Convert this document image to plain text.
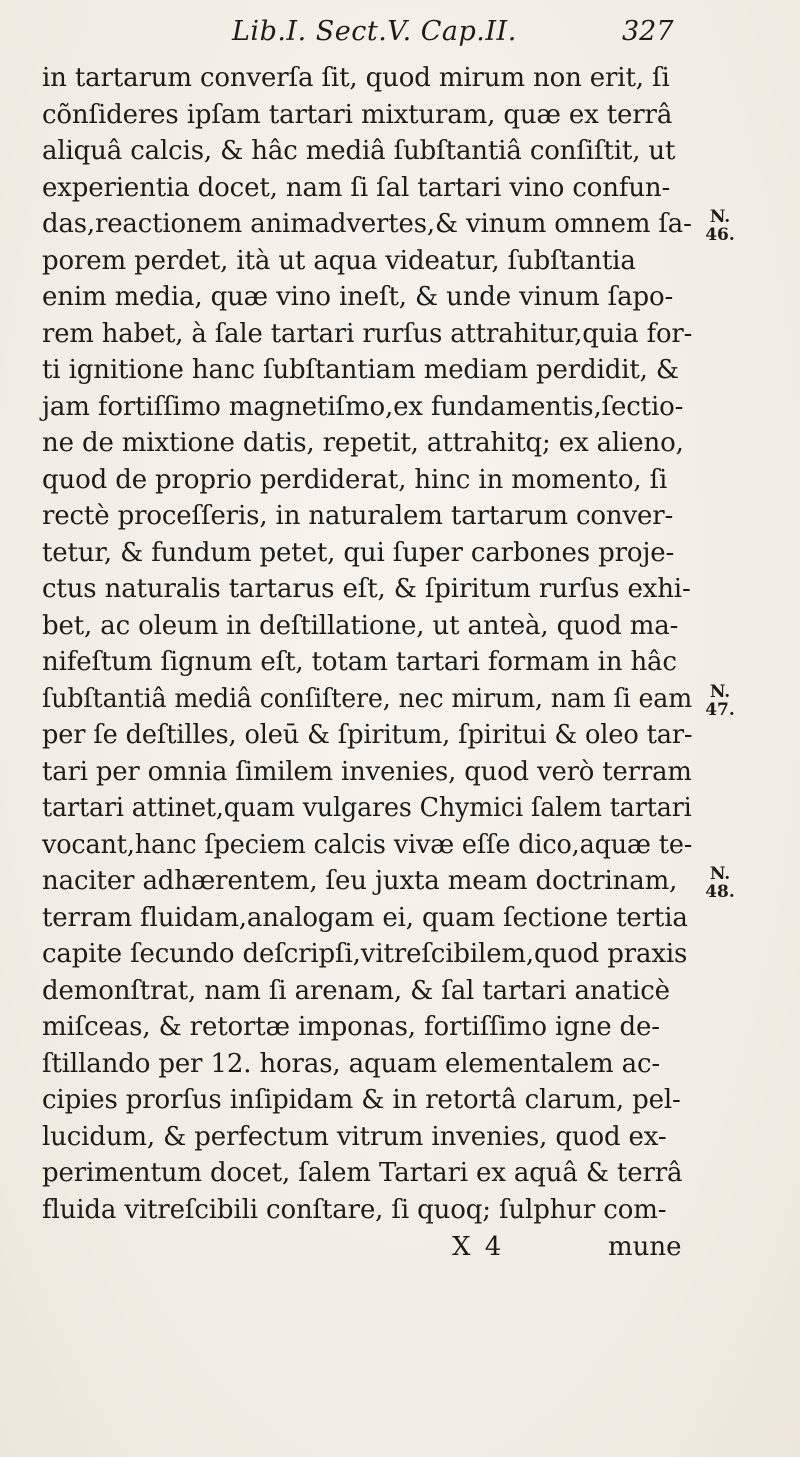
Lib.I. Sect.V. Cap.II.	327
in tartarum converſa ſit, quod mirum non erit, ſi
cõnſideres ipſam tartari mixturam, quæ ex terrâ
aliquâ calcis, & hâc mediâ ſubſtantiâ conſiſtit, ut
experientia docet, nam ſi ſal tartari vino confun-
das,reactionem animadvertes,& vinum omnem ſa-
porem perdet, ità ut aqua videatur, ſubſtantia
enim media, quæ vino ineſt, & unde vinum ſapo-
rem habet, à ſale tartari rurſus attrahitur,quia for-
ti ignitione hanc ſubſtantiam mediam perdidit, &
jam fortiſſimo magnetiſmo,ex fundamentis,ſectio-
ne de mixtione datis, repetit, attrahitq; ex alieno,
quod de proprio perdiderat, hinc in momento, ſi
rectè proceſſeris, in naturalem tartarum conver-
tetur, & fundum petet, qui ſuper carbones proje-
ctus naturalis tartarus eſt, & ſpiritum rurſus exhi-
bet, ac oleum in deſtillatione, ut anteà, quod ma-
nifeſtum ſignum eſt, totam tartari formam in hâc
ſubſtantiâ mediâ conſiſtere, nec mirum, nam ſi eam
per ſe deſtilles, oleū & ſpiritum, ſpiritui & oleo tar-
tari per omnia ſimilem invenies, quod verò terram
tartari attinet,quam vulgares Chymici ſalem tartari
vocant,hanc ſpeciem calcis vivæ eſſe dico,aquæ te-
naciter adhærentem, ſeu juxta meam doctrinam,
terram fluidam,analogam ei, quam ſectione tertia
capite ſecundo deſcripſi,vitreſcibilem,quod praxis
demonſtrat, nam ſi arenam, & ſal tartari anaticè
miſceas, & retortæ imponas, fortiſſimo igne de-
ſtillando per 12. horas, aquam elementalem ac-
cipies prorſus inſipidam & in retortâ clarum, pel-
lucidum, & perfectum vitrum invenies, quod ex-
perimentum docet, ſalem Tartari ex aquâ & terrâ
fluida vitreſcibili conſtare, ſi quoq; ſulphur com-
N. 46.
N. 47.
N. 48.
X 4	mune
